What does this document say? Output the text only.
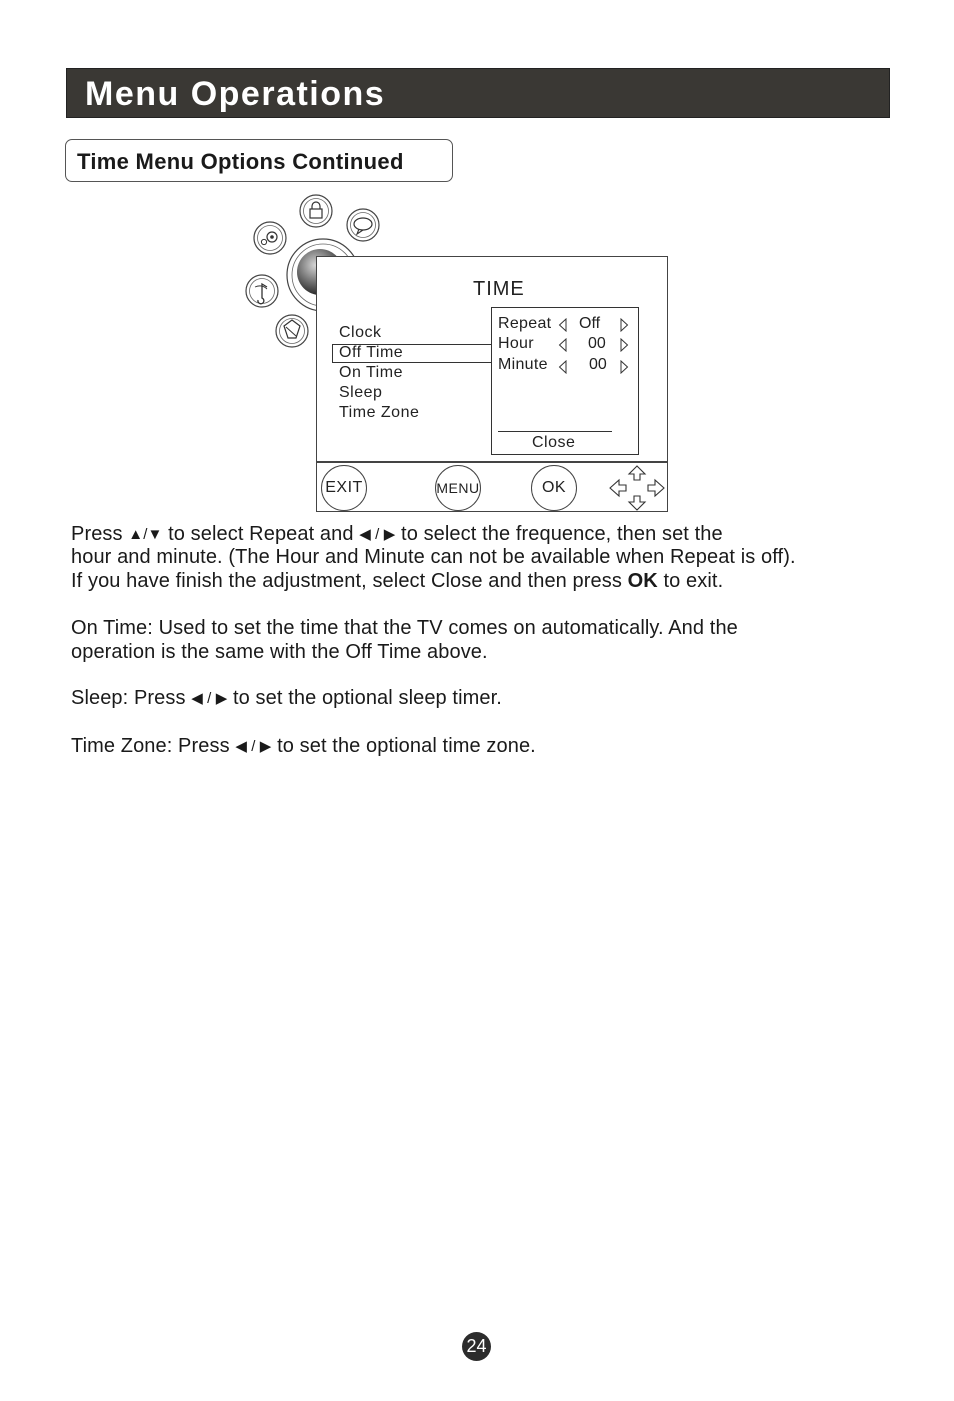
Menu Operations
Time Menu Options Continued
TIME
Clock
Off Time
On Time
Sleep
Time Zone
Repeat Off
Hour	00
Minute	00
Close
EXIT	MENU	OK
Press ▲/▼ to select Repeat and ◀ / ▶ to select the frequence, then set the
hour and minute. (The Hour and Minute can not be available when Repeat is off).
If you have finish the adjustment, select Close and then press OK to exit.
On Time: Used to set the time that the TV comes on automatically. And the
operation is the same with the Off Time above.
Sleep: Press ◀ / ▶ to set the optional sleep timer.
Time Zone: Press ◀ / ▶ to set the optional time zone.
24
